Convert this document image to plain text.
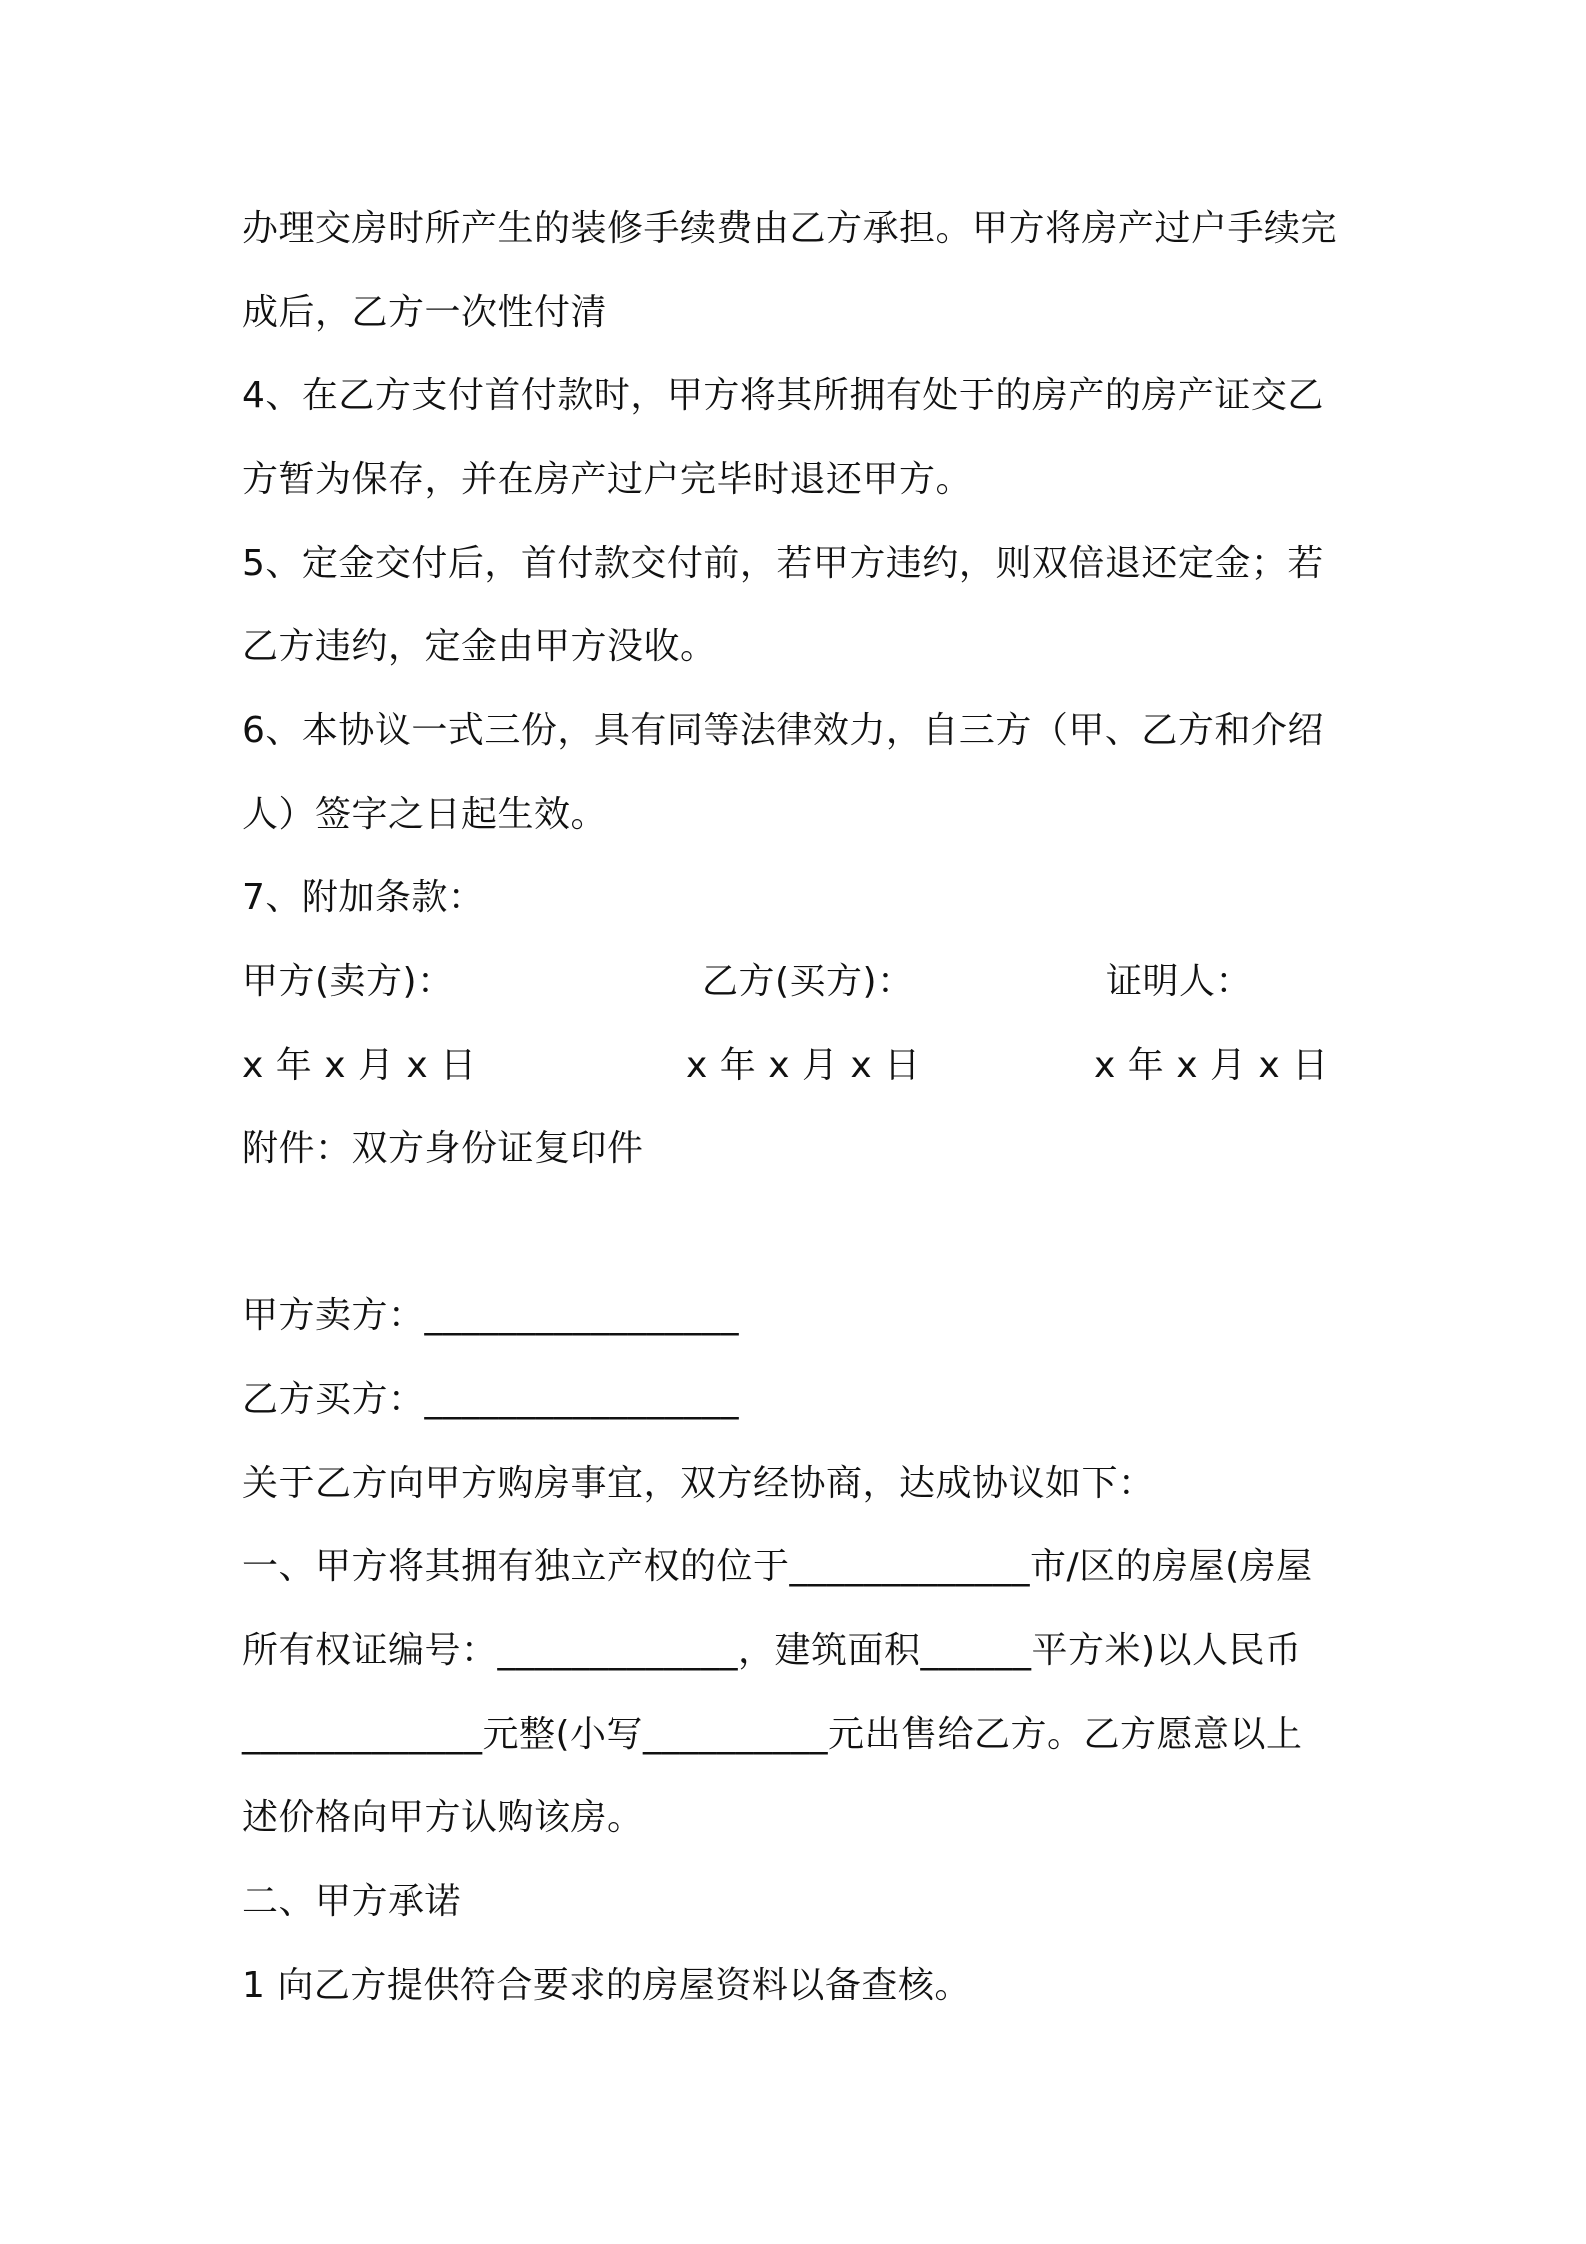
办理交房时所产生的装修手续费由乙方承担。甲方将房产过户手续完
成后，乙方一次性付清
4、在乙方支付首付款时，甲方将其所拥有处于的房产的房产证交乙
方暂为保存，并在房产过户完毕时退还甲方。
5、定金交付后，首付款交付前，若甲方违约，则双倍退还定金；若
乙方违约，定金由甲方没收。
6、本协议一式三份，具有同等法律效力，自三方（甲、乙方和介绍
人）签字之日起生效。
7、附加条款：
甲方(卖方)：	乙方(买方)：	证明人：
x 年 x 月 x 日	x 年 x 月 x 日	x 年 x 月 x 日
附件：双方身份证复印件
甲方卖方：_________________
乙方买方：_________________
关于乙方向甲方购房事宜，双方经协商，达成协议如下：
一、甲方将其拥有独立产权的位于_____________市/区的房屋(房屋
所有权证编号：_____________，建筑面积______平方米)以人民币
_____________元整(小写__________元出售给乙方。乙方愿意以上
述价格向甲方认购该房。
二、甲方承诺
1 向乙方提供符合要求的房屋资料以备查核。
